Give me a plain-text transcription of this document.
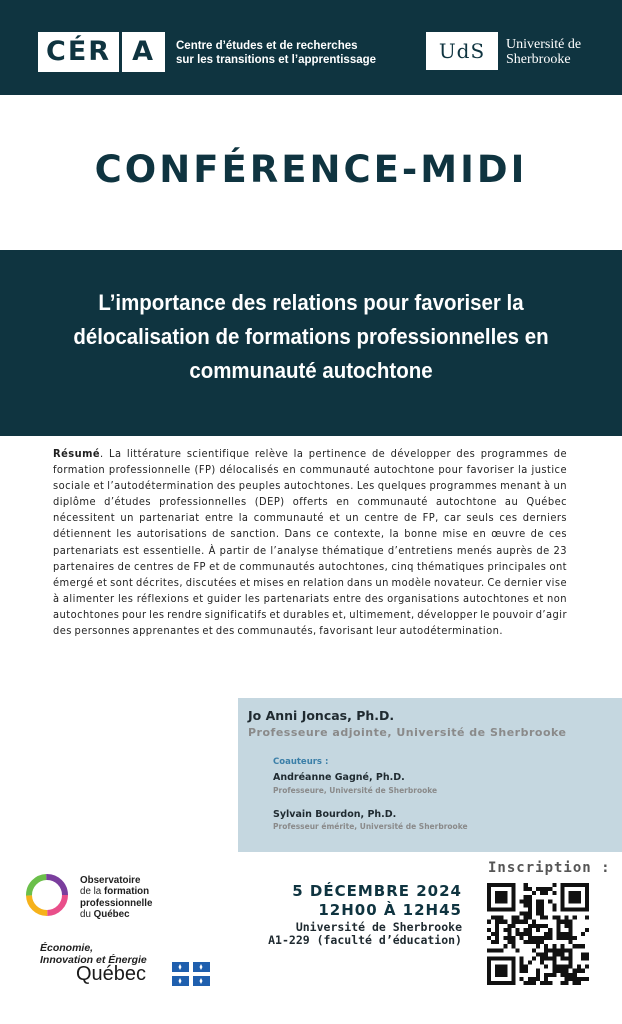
CÉR A	Centre d’études et de recherches
sur les transitions et l’apprentissage	UdS	Université de
Sherbrooke
CONFÉRENCE-MIDI
L’importance des relations pour favoriser la délocalisation de formations professionnelles en communauté autochtone
Résumé. La littérature scientifique relève la pertinence de développer des programmes de formation professionnelle (FP) délocalisés en communauté autochtone pour favoriser la justice sociale et l’autodétermination des peuples autochtones. Les quelques programmes menant à un diplôme d’études professionnelles (DEP) offerts en communauté autochtone au Québec nécessitent un partenariat entre la communauté et un centre de FP, car seuls ces derniers détiennent les autorisations de sanction. Dans ce contexte, la bonne mise en œuvre de ces partenariats est essentielle. À partir de l’analyse thématique d’entretiens menés auprès de 23 partenaires de centres de FP et de communautés autochtones, cinq thématiques principales ont émergé et sont décrites, discutées et mises en relation dans un modèle novateur. Ce dernier vise à alimenter les réflexions et guider les partenariats entre des organisations autochtones et non autochtones pour les rendre significatifs et durables et, ultimement, développer le pouvoir d’agir des personnes apprenantes et des communautés, favorisant leur autodétermination.
Jo Anni Joncas, Ph.D.
Professeure adjointe, Université de Sherbrooke
Coauteurs :
Andréanne Gagné, Ph.D.
Professeure, Université de Sherbrooke
Sylvain Bourdon, Ph.D.
Professeur émérite, Université de Sherbrooke
Observatoire
de la formation
professionnelle
du Québec
Économie,
Innovation et Énergie
Québec
5 DÉCEMBRE 2024
12H00 À 12H45
Université de Sherbrooke
A1-229 (faculté d’éducation)
Inscription :
